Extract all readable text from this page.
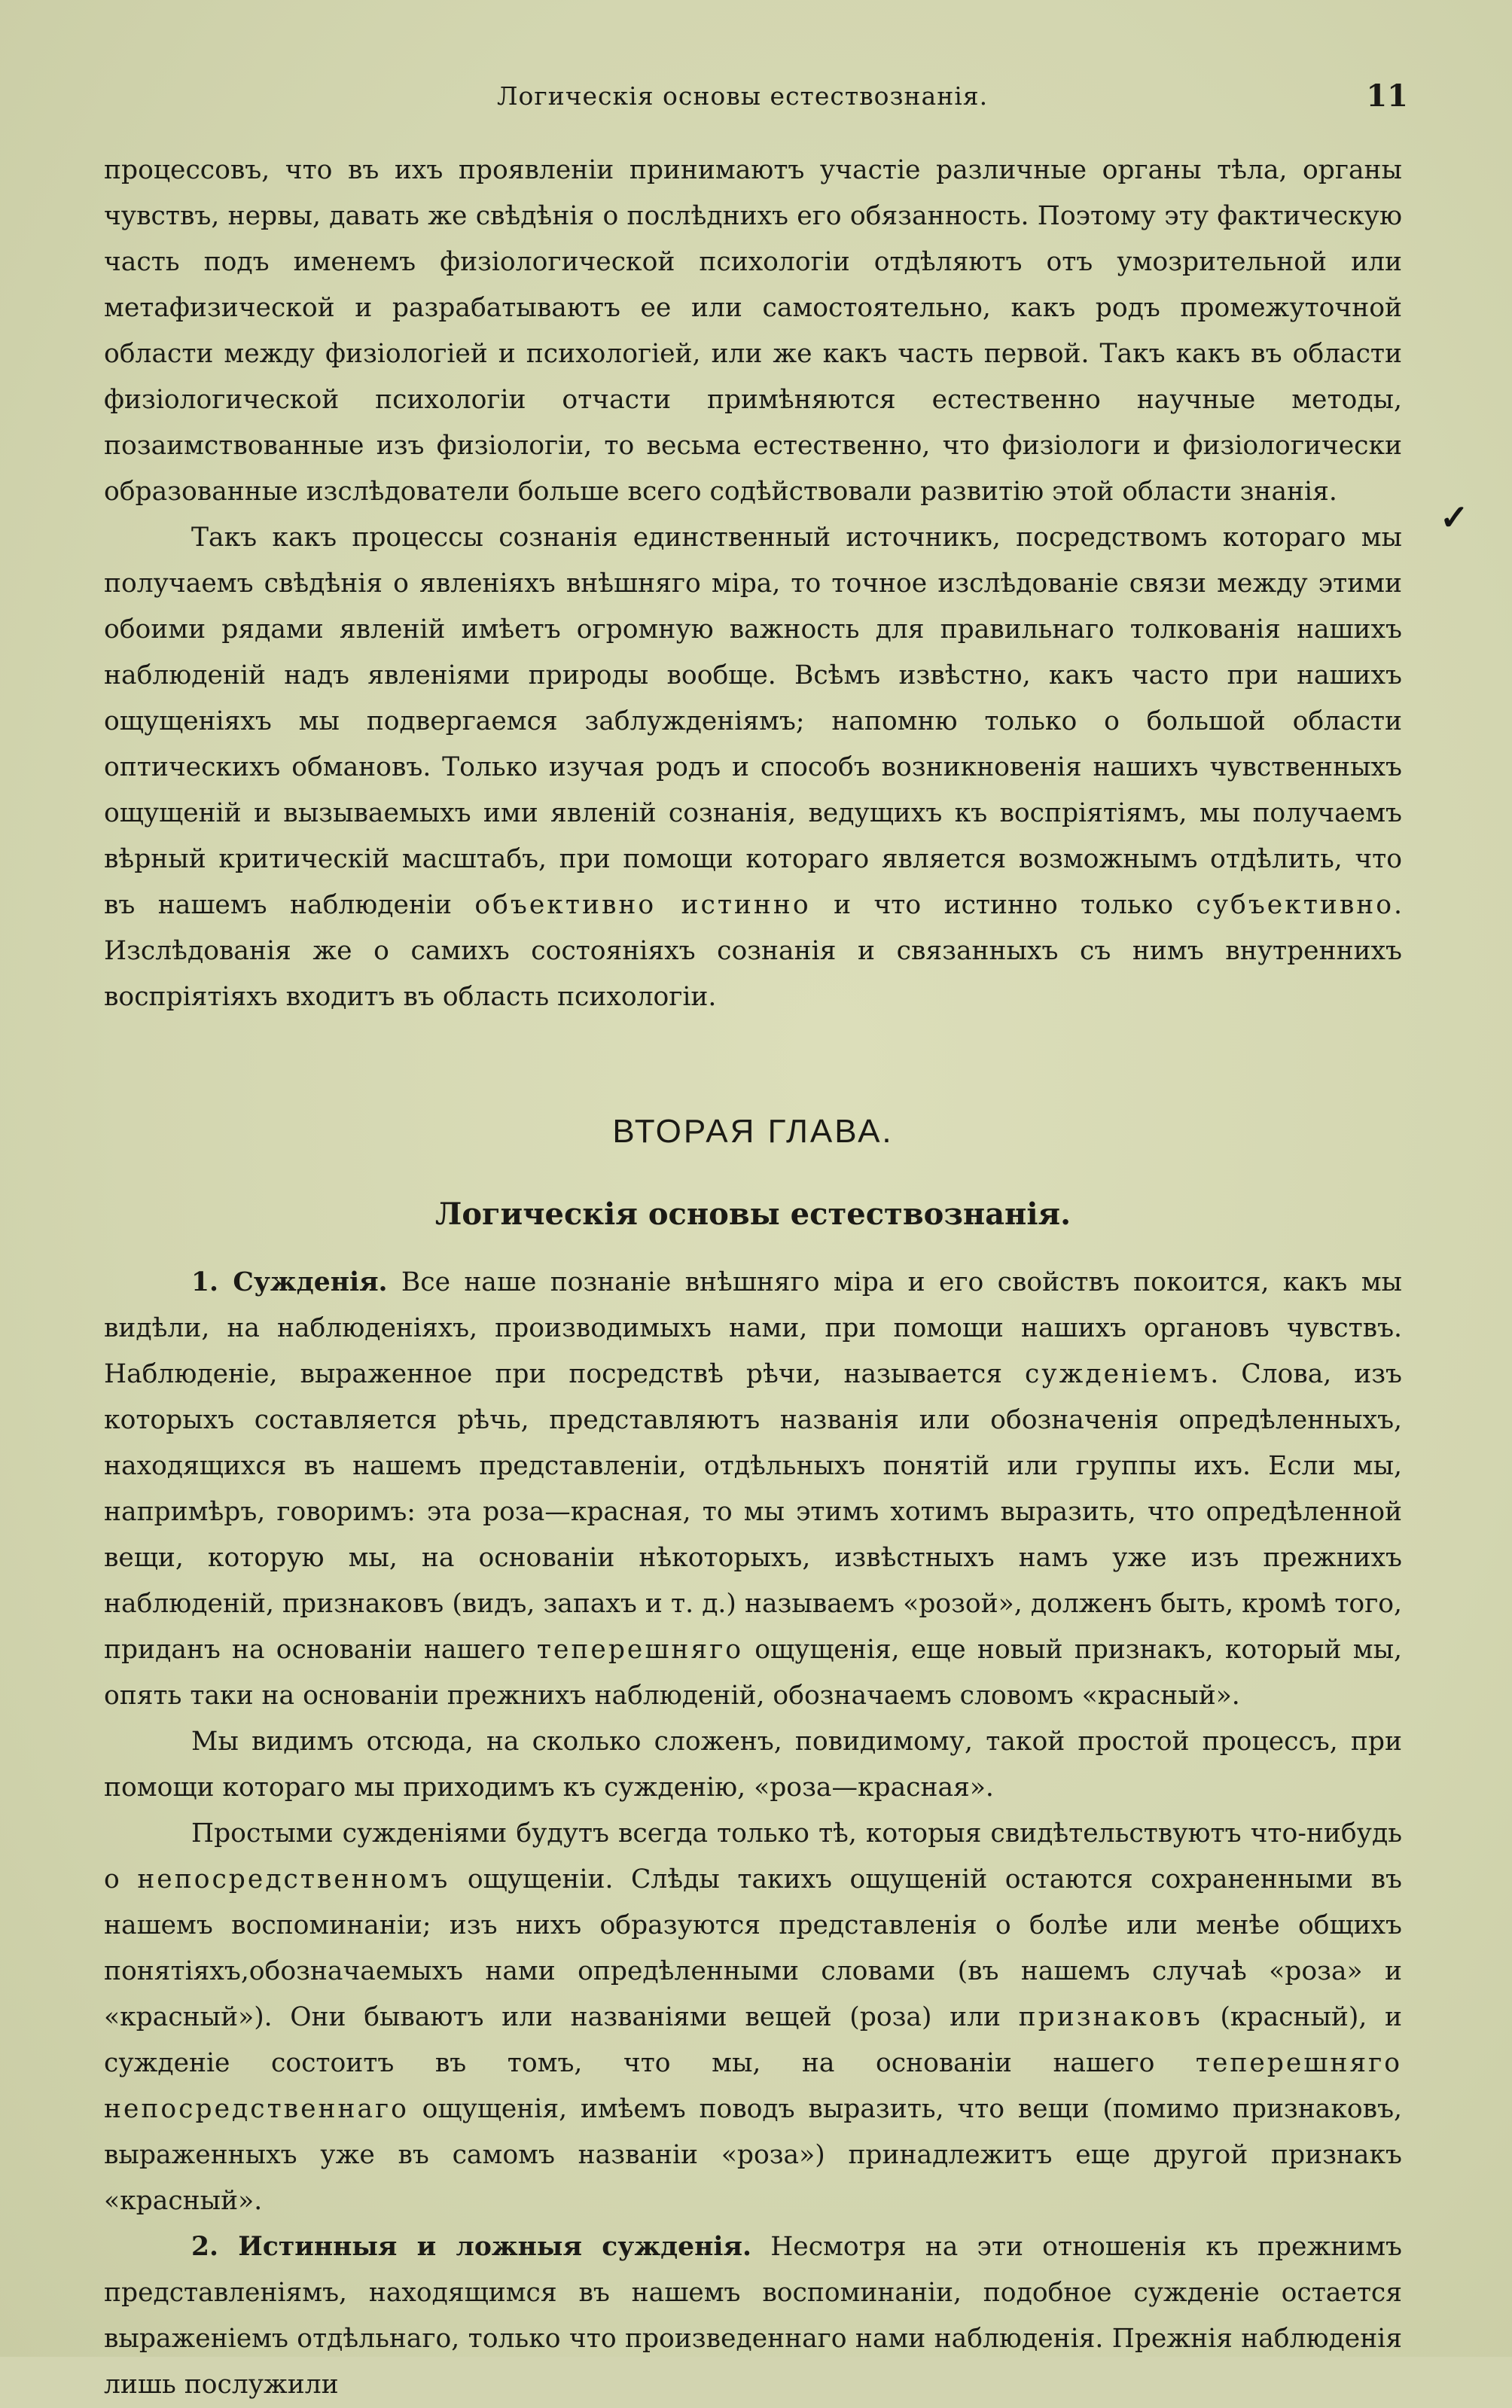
Логическія основы естествознанія.	11
✓

процессовъ, что въ ихъ проявленіи принимаютъ участіе различные органы тѣла, органы чувствъ, нервы, давать же свѣдѣнія о послѣднихъ его обязанность. Поэтому эту фактическую часть подъ именемъ физіологической психологіи отдѣляютъ отъ умозрительной или метафизической и разрабатываютъ ее или самостоятельно, какъ родъ промежуточной области между физіологіей и психологіей, или же какъ часть первой. Такъ какъ въ области физіологической психологіи отчасти примѣняются естественно научные методы, позаимствованные изъ физіологіи, то весьма естественно, что физіологи и физіологически образованные изслѣдователи больше всего содѣйствовали развитію этой области знанія.

Такъ какъ процессы сознанія единственный источникъ, посредствомъ котораго мы получаемъ свѣдѣнія о явленіяхъ внѣшняго міра, то точное изслѣдованіе связи между этими обоими рядами явленій имѣетъ огромную важность для правильнаго толкованія нашихъ наблюденій надъ явленіями природы вообще. Всѣмъ извѣстно, какъ часто при нашихъ ощущеніяхъ мы подвергаемся заблужденіямъ; напомню только о большой области оптическихъ обмановъ. Только изучая родъ и способъ возникновенія нашихъ чувственныхъ ощущеній и вызываемыхъ ими явленій сознанія, ведущихъ къ воспріятіямъ, мы получаемъ вѣрный критическій масштабъ, при помощи котораго является возможнымъ отдѣлить, что въ нашемъ наблюденіи объективно истинно и что истинно только субъективно. Изслѣдованія же о самихъ состояніяхъ сознанія и связанныхъ съ нимъ внутреннихъ воспріятіяхъ входитъ въ область психологіи.

ВТОРАЯ ГЛАВА.
Логическія основы естествознанія.

1. Сужденія. Все наше познаніе внѣшняго міра и его свойствъ покоится, какъ мы видѣли, на наблюденіяхъ, производимыхъ нами, при помощи нашихъ органовъ чувствъ. Наблюденіе, выраженное при посредствѣ рѣчи, называется сужденіемъ. Слова, изъ которыхъ составляется рѣчь, представляютъ названія или обозначенія опредѣленныхъ, находящихся въ нашемъ представленіи, отдѣльныхъ понятій или группы ихъ. Если мы, напримѣръ, говоримъ: эта роза—красная, то мы этимъ хотимъ выразить, что опредѣленной вещи, которую мы, на основаніи нѣкоторыхъ, извѣстныхъ намъ уже изъ прежнихъ наблюденій, признаковъ (видъ, запахъ и т. д.) называемъ «розой», долженъ быть, кромѣ того, приданъ на основаніи нашего теперешняго ощущенія, еще новый признакъ, который мы, опять таки на основаніи прежнихъ наблюденій, обозначаемъ словомъ «красный».

Мы видимъ отсюда, на сколько сложенъ, повидимому, такой простой процессъ, при помощи котораго мы приходимъ къ сужденію, «роза—красная».

Простыми сужденіями будутъ всегда только тѣ, которыя свидѣтельствуютъ что-нибудь о непосредственномъ ощущеніи. Слѣды такихъ ощущеній остаются сохраненными въ нашемъ воспоминаніи; изъ нихъ образуются представленія о болѣе или менѣе общихъ понятіяхъ,обозначаемыхъ нами опредѣленными словами (въ нашемъ случаѣ «роза» и «красный»). Они бываютъ или названіями вещей (роза) или признаковъ (красный), и сужденіе состоитъ въ томъ, что мы, на основаніи нашего теперешняго непосредственнаго ощущенія, имѣемъ поводъ выразить, что вещи (помимо признаковъ, выраженныхъ уже въ самомъ названіи «роза») принадлежитъ еще другой признакъ «красный».

2. Истинныя и ложныя сужденія. Несмотря на эти отношенія къ прежнимъ представленіямъ, находящимся въ нашемъ воспоминаніи, подобное сужденіе остается выраженіемъ отдѣльнаго, только что произведеннаго нами наблюденія. Прежнія наблюденія лишь послужили
